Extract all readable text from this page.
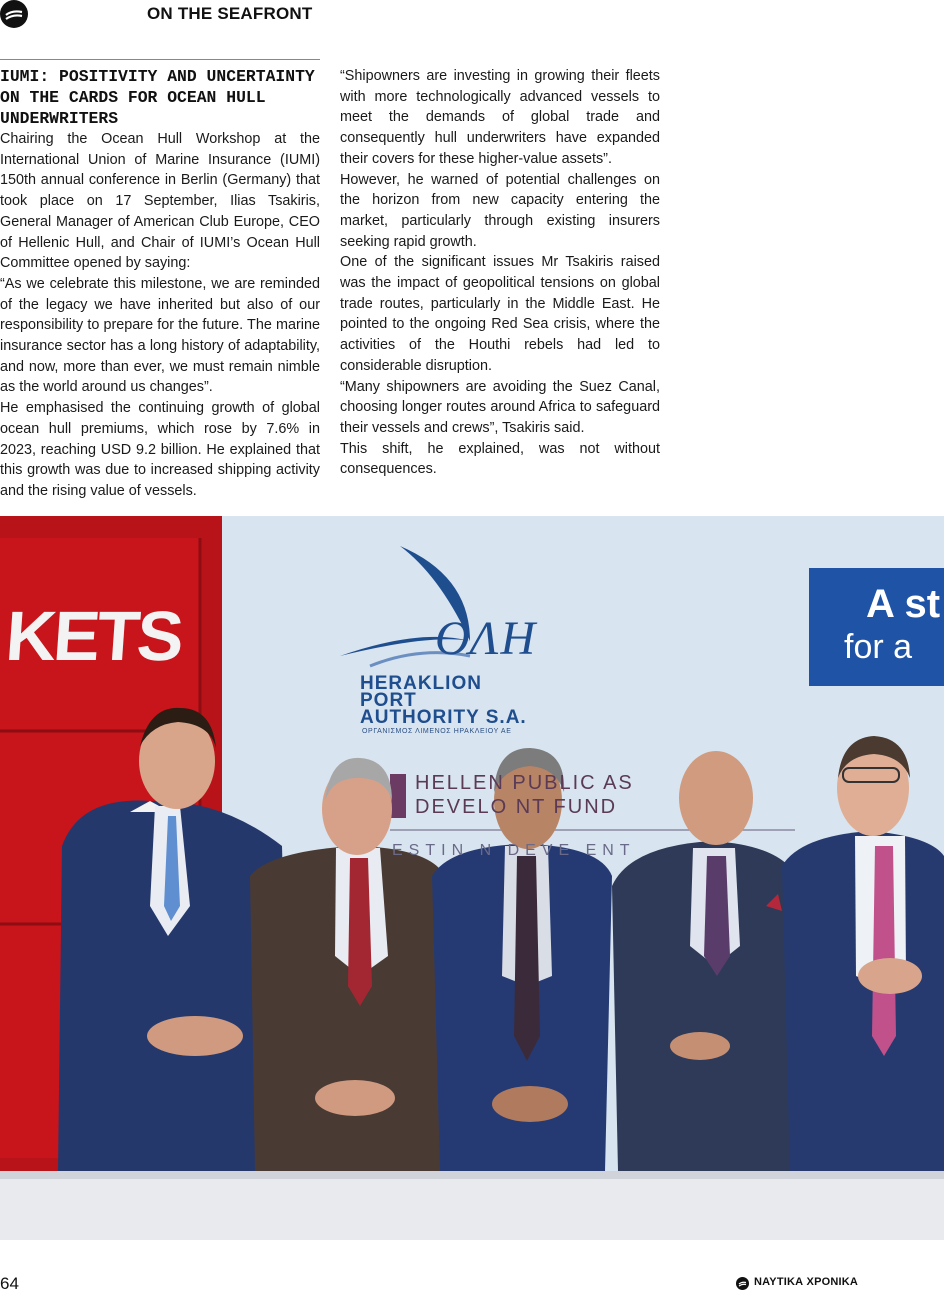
ON THE SEAFRONT
IUMI: POSITIVITY AND UNCERTAINTY ON THE CARDS FOR OCEAN HULL UNDERWRITERS

Chairing the Ocean Hull Workshop at the International Union of Marine Insurance (IUMI) 150th annual conference in Berlin (Germany) that took place on 17 September, Ilias Tsakiris, General Manager of American Club Europe, CEO of Hellenic Hull, and Chair of IUMI’s Ocean Hull Committee opened by saying:

“As we celebrate this milestone, we are reminded of the legacy we have inherited but also of our responsibility to prepare for the future. The marine insurance sector has a long history of adaptability, and now, more than ever, we must remain nimble as the world around us changes”.

He emphasised the continuing growth of global ocean hull premiums, which rose by 7.6% in 2023, reaching USD 9.2 billion. He explained that this growth was due to increased shipping activity and the rising value of vessels.

“Shipowners are investing in growing their fleets with more technologically advanced vessels to meet the demands of global trade and consequently hull underwriters have expanded their covers for these higher-value assets”.

However, he warned of potential challenges on the horizon from new capacity entering the market, particularly through existing insurers seeking rapid growth.

One of the significant issues Mr Tsakiris raised was the impact of geopolitical tensions on global trade routes, particularly in the Middle East. He pointed to the ongoing Red Sea crisis, where the activities of the Houthi rebels had led to considerable disruption.

“Many shipowners are avoiding the Suez Canal, choosing longer routes around Africa to safeguard their vessels and crews”, Tsakiris said.

This shift, he explained, was not without consequences.

KETS	ΟΛΗ
HERAKLION
PORT
AUTHORITY S.A.
ΟΡΓΑΝΙΣΜΟΣ ΛΙΜΕΝΟΣ ΗΡΑΚΛΕΙΟΥ ΑΕ
HELLEN PUBLIC AS
DEVELO NT FUND
ESTIN N DEVE ENT
A st
for a
64	ΝΑΥΤΙΚΑ ΧΡΟΝΙΚΑ
